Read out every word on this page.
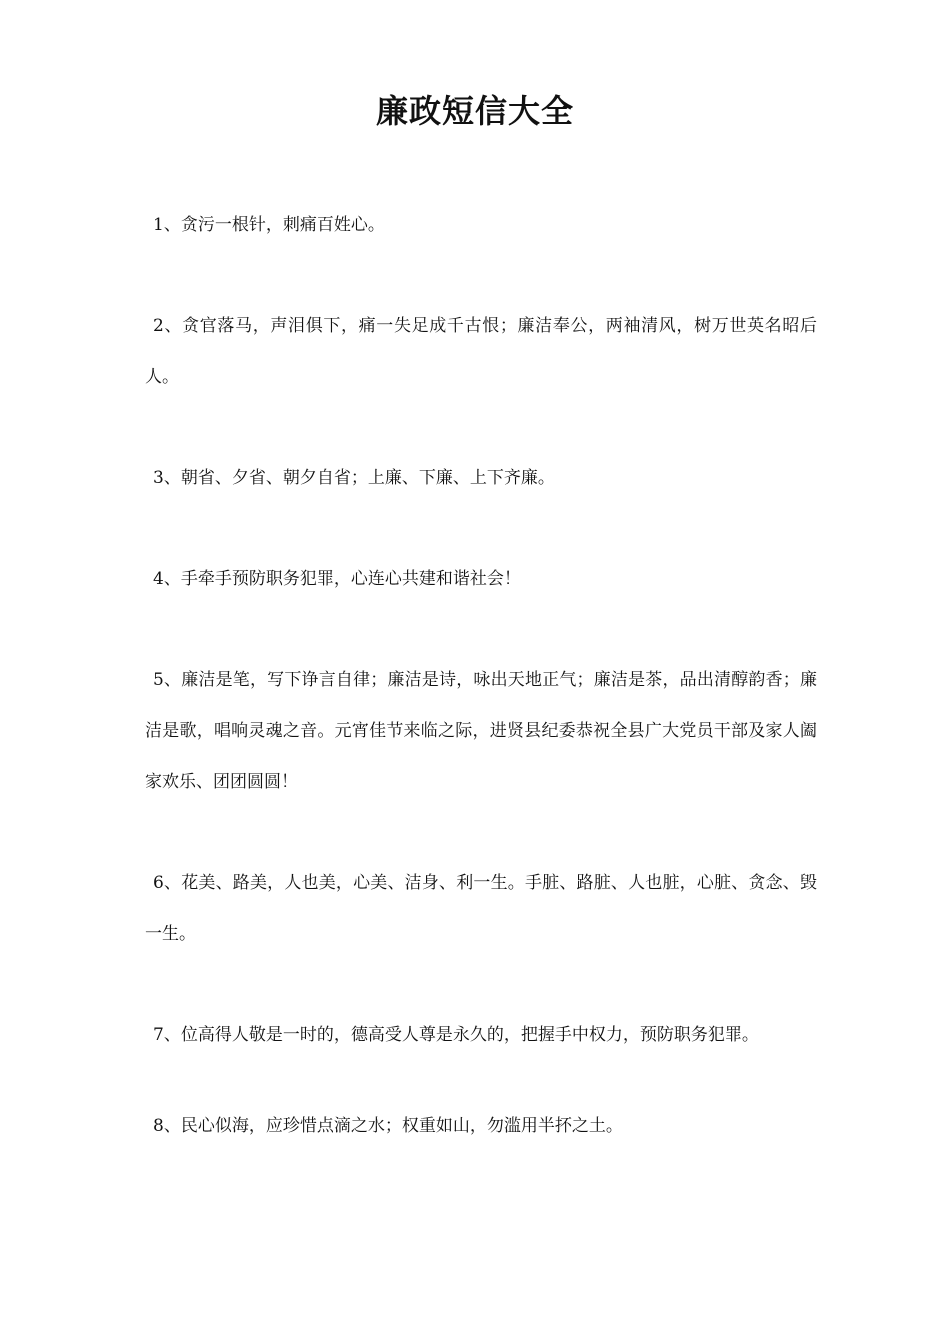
廉政短信大全
1、贪污一根针，刺痛百姓心。
2、贪官落马，声泪俱下，痛一失足成千古恨；廉洁奉公，两袖清风，树万世英名昭后人。
3、朝省、夕省、朝夕自省；上廉、下廉、上下齐廉。
4、手牵手预防职务犯罪，心连心共建和谐社会！
5、廉洁是笔，写下诤言自律；廉洁是诗，咏出天地正气；廉洁是茶，品出清醇韵香；廉洁是歌，唱响灵魂之音。元宵佳节来临之际，进贤县纪委恭祝全县广大党员干部及家人阖家欢乐、团团圆圆！
6、花美、路美，人也美，心美、洁身、利一生。手脏、路脏、人也脏，心脏、贪念、毁一生。
7、位高得人敬是一时的，德高受人尊是永久的，把握手中权力，预防职务犯罪。
8、民心似海，应珍惜点滴之水；权重如山，勿滥用半抔之土。
